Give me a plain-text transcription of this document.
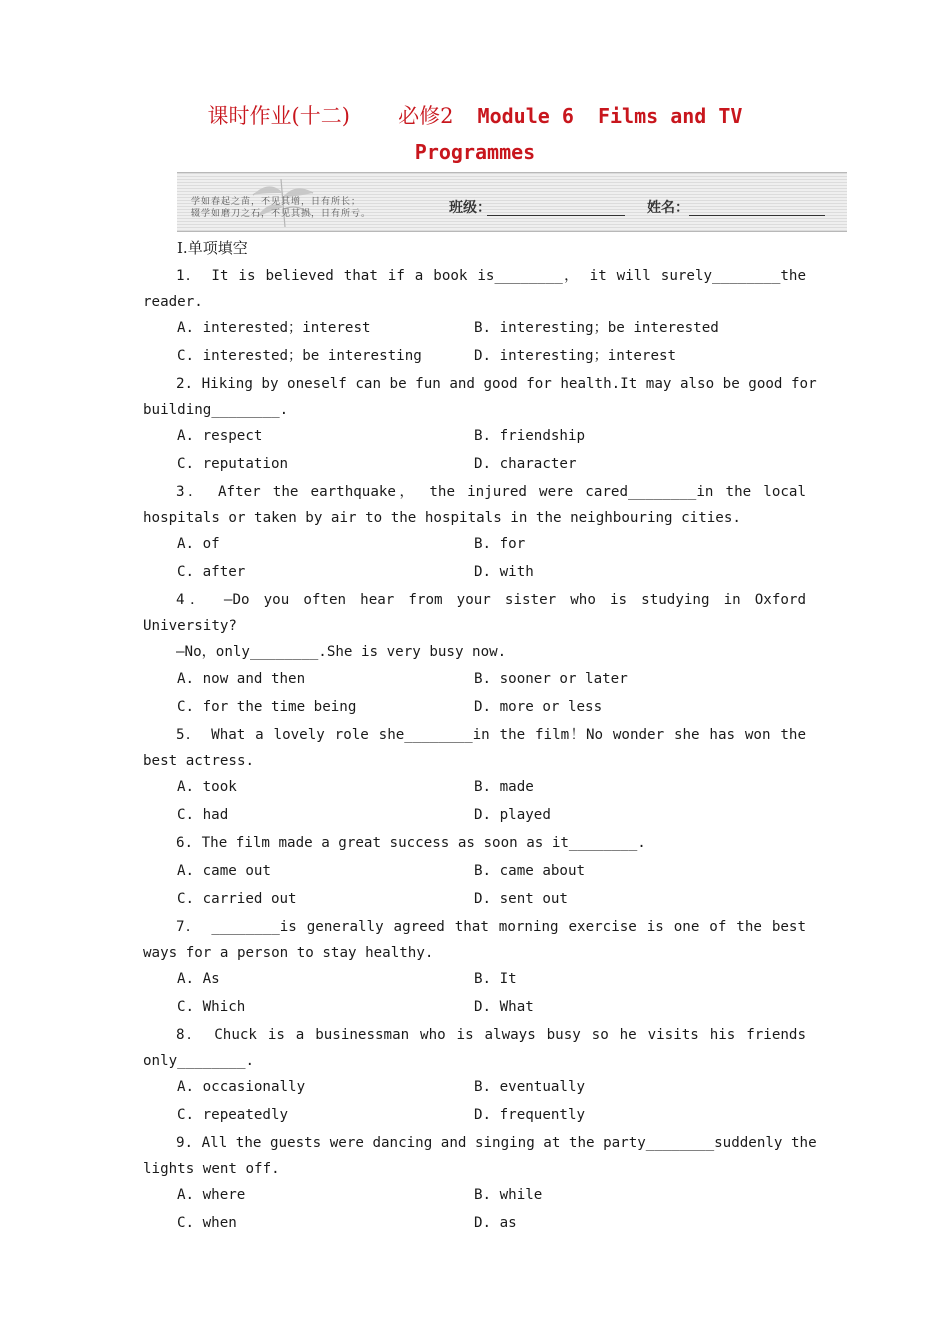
课时作业(十二) 必修2 Module 6 Films and TV
Programmes
学如春起之苗，不见其增，日有所长；
辍学如磨刀之石，不见其损，日有所亏。	班级：	姓名：
Ⅰ.单项填空
1． It is believed that if a book is________， it will surely________the
reader.
A. interested；interest	B. interesting；be interested
C. interested；be interesting	D. interesting；interest
2. Hiking by oneself can be fun and good for health.It may also be good for
building________.
A. respect	B. friendship
C. reputation	D. character
3． After the earthquake， the injured were cared________in the local
hospitals or taken by air to the hospitals in the neighbouring cities.
A. of	B. for
C. after	D. with
4． —Do you often hear from your sister who is studying in Oxford
University?
—No，only________.She is very busy now.
A. now and then	B. sooner or later
C. for the time being	D. more or less
5． What a lovely role she________in the film！No wonder she has won the
best actress.
A. took	B. made
C. had	D. played
6. The film made a great success as soon as it________.
A. came out	B. came about
C. carried out	D. sent out
7． ________is generally agreed that morning exercise is one of the best
ways for a person to stay healthy.
A. As	B. It
C. Which	D. What
8． Chuck is a businessman who is always busy so he visits his friends
only________.
A. occasionally	B. eventually
C. repeatedly	D. frequently
9. All the guests were dancing and singing at the party________suddenly the
lights went off.
A. where	B. while
C. when	D. as
